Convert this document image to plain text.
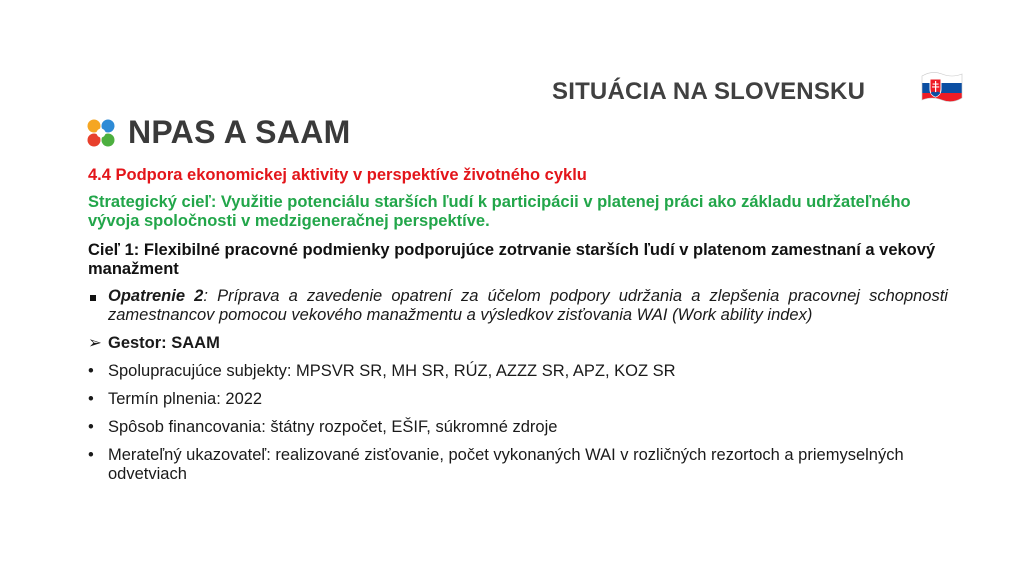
SITUÁCIA NA SLOVENSKU
NPAS A SAAM

4.4 Podpora ekonomickej aktivity v perspektíve životného cyklu

Strategický cieľ: Využitie potenciálu starších ľudí k participácii v platenej práci ako základu udržateľného vývoja spoločnosti v medzigeneračnej perspektíve.

Cieľ 1: Flexibilné pracovné podmienky podporujúce zotrvanie starších ľudí v platenom zamestnaní a vekový manažment

Opatrenie 2: Príprava a zavedenie opatrení za účelom podpory udržania a zlepšenia pracovnej schopnosti zamestnancov pomocou vekového manažmentu a výsledkov zisťovania WAI (Work ability index)
➢ Gestor: SAAM
• Spolupracujúce subjekty: MPSVR SR, MH SR, RÚZ, AZZZ SR, APZ, KOZ SR
• Termín plnenia: 2022
• Spôsob financovania: štátny rozpočet, EŠIF, súkromné zdroje
• Merateľný ukazovateľ: realizované zisťovanie, počet vykonaných WAI v rozličných rezortoch a priemyselných odvetviach
